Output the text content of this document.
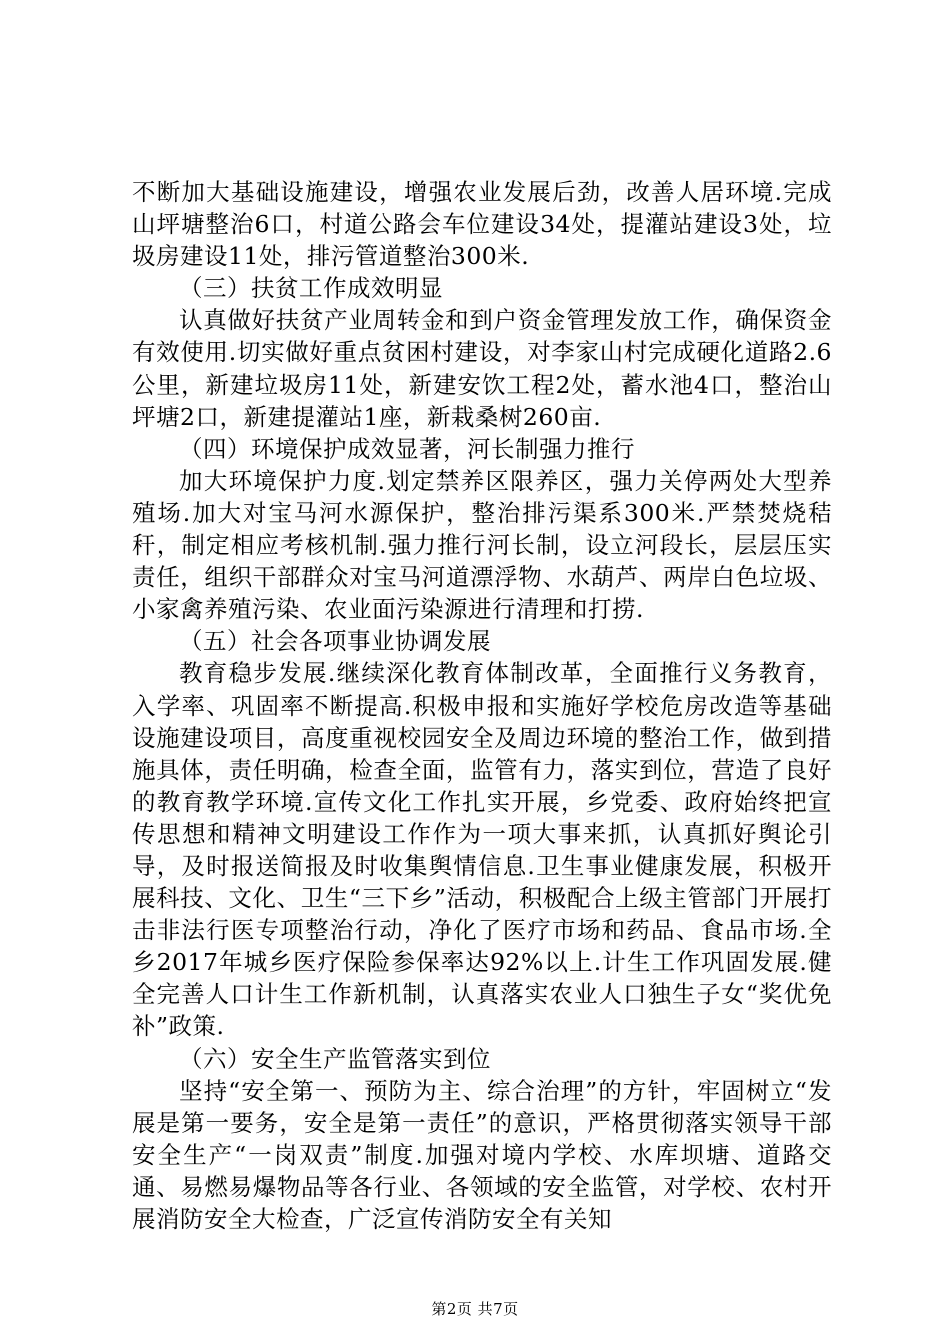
不断加大基础设施建设，增强农业发展后劲，改善人居环境.完成山坪塘整治6口，村道公路会车位建设34处，提灌站建设3处，垃圾房建设11处，排污管道整治300米.

（三）扶贫工作成效明显

认真做好扶贫产业周转金和到户资金管理发放工作，确保资金有效使用.切实做好重点贫困村建设，对李家山村完成硬化道路2.6公里，新建垃圾房11处，新建安饮工程2处，蓄水池4口，整治山坪塘2口，新建提灌站1座，新栽桑树260亩.

（四）环境保护成效显著，河长制强力推行

加大环境保护力度.划定禁养区限养区，强力关停两处大型养殖场.加大对宝马河水源保护，整治排污渠系300米.严禁焚烧秸秆，制定相应考核机制.强力推行河长制，设立河段长，层层压实责任，组织干部群众对宝马河道漂浮物、水葫芦、两岸白色垃圾、小家禽养殖污染、农业面污染源进行清理和打捞.

（五）社会各项事业协调发展

教育稳步发展.继续深化教育体制改革，全面推行义务教育，入学率、巩固率不断提高.积极申报和实施好学校危房改造等基础设施建设项目，高度重视校园安全及周边环境的整治工作，做到措施具体，责任明确，检查全面，监管有力，落实到位，营造了良好的教育教学环境.宣传文化工作扎实开展，乡党委、政府始终把宣传思想和精神文明建设工作作为一项大事来抓，认真抓好舆论引导，及时报送简报及时收集舆情信息.卫生事业健康发展，积极开展科技、文化、卫生“三下乡”活动，积极配合上级主管部门开展打击非法行医专项整治行动，净化了医疗市场和药品、食品市场.全乡2017年城乡医疗保险参保率达92%以上.计生工作巩固发展.健全完善人口计生工作新机制，认真落实农业人口独生子女“奖优免补”政策.

（六）安全生产监管落实到位

坚持“安全第一、预防为主、综合治理”的方针，牢固树立“发展是第一要务，安全是第一责任”的意识，严格贯彻落实领导干部安全生产“一岗双责”制度.加强对境内学校、水库坝塘、道路交通、易燃易爆物品等各行业、各领域的安全监管，对学校、农村开展消防安全大检查，广泛宣传消防安全有关知

第2页 共7页
